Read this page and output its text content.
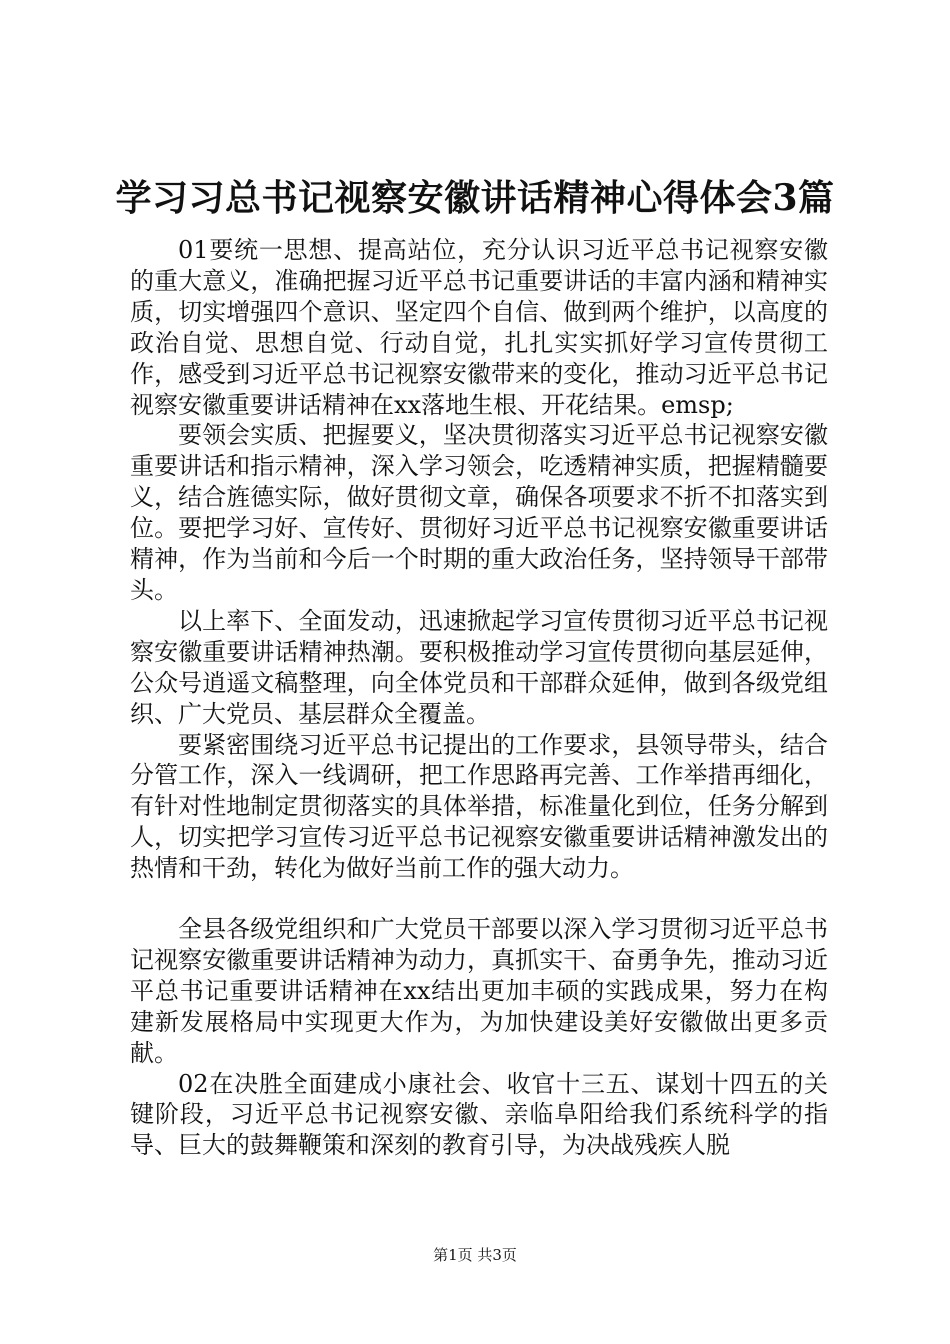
学习习总书记视察安徽讲话精神心得体会3篇

01要统一思想、提高站位，充分认识习近平总书记视察安徽的重大意义，准确把握习近平总书记重要讲话的丰富内涵和精神实质，切实增强四个意识、坚定四个自信、做到两个维护，以高度的政治自觉、思想自觉、行动自觉，扎扎实实抓好学习宣传贯彻工作，感受到习近平总书记视察安徽带来的变化，推动习近平总书记视察安徽重要讲话精神在xx落地生根、开花结果。emsp;

要领会实质、把握要义，坚决贯彻落实习近平总书记视察安徽重要讲话和指示精神，深入学习领会，吃透精神实质，把握精髓要义，结合旌德实际，做好贯彻文章，确保各项要求不折不扣落实到位。要把学习好、宣传好、贯彻好习近平总书记视察安徽重要讲话精神，作为当前和今后一个时期的重大政治任务，坚持领导干部带头。

以上率下、全面发动，迅速掀起学习宣传贯彻习近平总书记视察安徽重要讲话精神热潮。要积极推动学习宣传贯彻向基层延伸，公众号逍遥文稿整理，向全体党员和干部群众延伸，做到各级党组织、广大党员、基层群众全覆盖。

要紧密围绕习近平总书记提出的工作要求，县领导带头，结合分管工作，深入一线调研，把工作思路再完善、工作举措再细化，有针对性地制定贯彻落实的具体举措，标准量化到位，任务分解到人，切实把学习宣传习近平总书记视察安徽重要讲话精神激发出的热情和干劲，转化为做好当前工作的强大动力。

全县各级党组织和广大党员干部要以深入学习贯彻习近平总书记视察安徽重要讲话精神为动力，真抓实干、奋勇争先，推动习近平总书记重要讲话精神在xx结出更加丰硕的实践成果，努力在构建新发展格局中实现更大作为，为加快建设美好安徽做出更多贡献。

02在决胜全面建成小康社会、收官十三五、谋划十四五的关键阶段，习近平总书记视察安徽、亲临阜阳给我们系统科学的指导、巨大的鼓舞鞭策和深刻的教育引导，为决战残疾人脱

第1页 共3页
